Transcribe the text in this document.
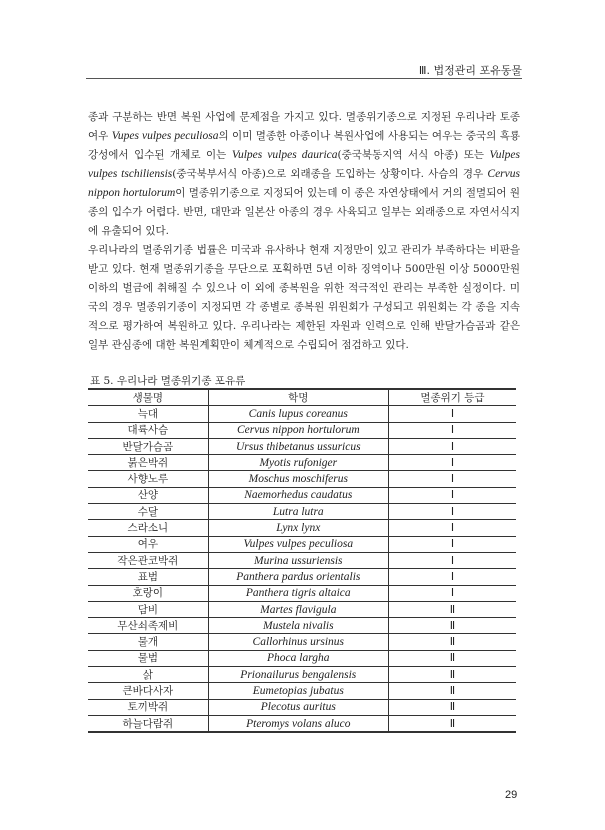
Ⅲ. 법정관리 포유동물

종과 구분하는 반면 복원 사업에 문제점을 가지고 있다. 멸종위기종으로 지정된 우리나라 토종 여우 Vupes vulpes peculiosa의 이미 멸종한 아종이나 복원사업에 사용되는 여우는 중국의 흑룡강성에서 입수된 개체로 이는 Vulpes vulpes daurica(중국북동지역 서식 아종) 또는 Vulpes vulpes tschiliensis(중국북부서식 아종)으로 외래종을 도입하는 상황이다. 사슴의 경우 Cervus nippon hortulorum이 멸종위기종으로 지정되어 있는데 이 종은 자연상태에서 거의 절멸되어 원종의 입수가 어렵다. 반면, 대만과 일본산 아종의 경우 사육되고 일부는 외래종으로 자연서식지에 유출되어 있다.

우리나라의 멸종위기종 법률은 미국과 유사하나 현재 지정만이 있고 관리가 부족하다는 비판을 받고 있다. 현재 멸종위기종을 무단으로 포획하면 5년 이하 징역이나 500만원 이상 5000만원 이하의 벌금에 취해질 수 있으나 이 외에 종복원을 위한 적극적인 관리는 부족한 실정이다. 미국의 경우 멸종위기종이 지정되면 각 종별로 종복원 위원회가 구성되고 위원회는 각 종을 지속적으로 평가하여 복원하고 있다. 우리나라는 제한된 자원과 인력으로 인해 반달가슴곰과 같은 일부 관심종에 대한 복원계획만이 체계적으로 수립되어 점검하고 있다.

표 5. 우리나라 멸종위기종 포유류
생물명	학명	멸종위기 등급
늑대	Canis lupus coreanus	Ⅰ
대륙사슴	Cervus nippon hortulorum	Ⅰ
반달가슴곰	Ursus thibetanus ussuricus	Ⅰ
붉은박쥐	Myotis rufoniger	Ⅰ
사향노루	Moschus moschiferus	Ⅰ
산양	Naemorhedus caudatus	Ⅰ
수달	Lutra lutra	Ⅰ
스라소니	Lynx lynx	Ⅰ
여우	Vulpes vulpes peculiosa	Ⅰ
작은관코박쥐	Murina ussuriensis	Ⅰ
표범	Panthera pardus orientalis	Ⅰ
호랑이	Panthera tigris altaica	Ⅰ
담비	Martes flavigula	Ⅱ
무산쇠족제비	Mustela nivalis	Ⅱ
물개	Callorhinus ursinus	Ⅱ
물범	Phoca largha	Ⅱ
삵	Prionailurus bengalensis	Ⅱ
큰바다사자	Eumetopias jubatus	Ⅱ
토끼박쥐	Plecotus auritus	Ⅱ
하늘다람쥐	Pteromys volans aluco	Ⅱ
29
